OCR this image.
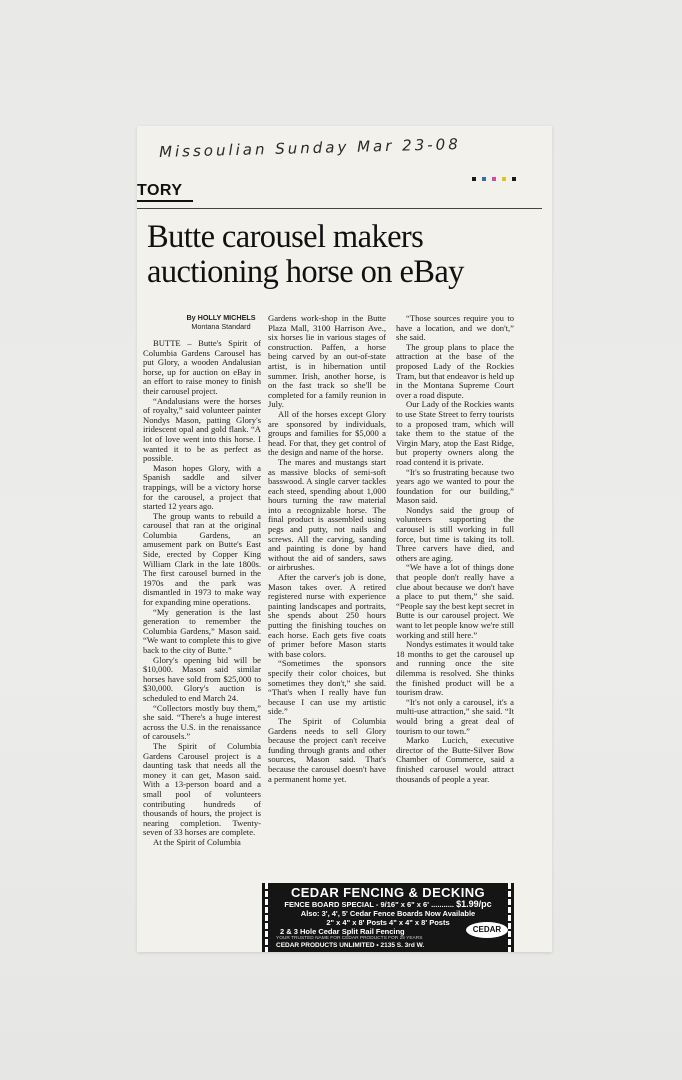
Missoulian Sunday Mar 23-08
TORY
Butte carousel makers
auctioning horse on eBay
By HOLLY MICHELS
Montana Standard

BUTTE – Butte's Spirit of Columbia Gardens Carousel has put Glory, a wooden Andalusian horse, up for auction on eBay in an effort to raise money to finish their carousel project.

“Andalusians were the horses of royalty,” said volunteer painter Nondys Mason, patting Glory's iridescent opal and gold flank. “A lot of love went into this horse. I wanted it to be as perfect as possible.

Mason hopes Glory, with a Spanish saddle and silver trappings, will be a victory horse for the carousel, a project that started 12 years ago.

The group wants to rebuild a carousel that ran at the original Columbia Gardens, an amusement park on Butte's East Side, erected by Copper King William Clark in the late 1800s. The first carousel burned in the 1970s and the park was dismantled in 1973 to make way for expanding mine operations.

“My generation is the last generation to remember the Columbia Gardens,” Mason said. “We want to complete this to give back to the city of Butte.”

Glory's opening bid will be $10,000. Mason said similar horses have sold from $25,000 to $30,000. Glory's auction is scheduled to end March 24.

“Collectors mostly buy them,” she said. “There's a huge interest across the U.S. in the renaissance of carousels.”

The Spirit of Columbia Gardens Carousel project is a daunting task that needs all the money it can get, Mason said. With a 13-person board and a small pool of volunteers contributing hundreds of thousands of hours, the project is nearing completion. Twenty-seven of 33 horses are complete.

At the Spirit of Columbia

Gardens work-shop in the Butte Plaza Mall, 3100 Harrison Ave., six horses lie in various stages of construction. Paffen, a horse being carved by an out-of-state artist, is in hibernation until summer. Irish, another horse, is on the fast track so she'll be completed for a family reunion in July.

All of the horses except Glory are sponsored by individuals, groups and families for $5,000 a head. For that, they get control of the design and name of the horse.

The mares and mustangs start as massive blocks of semi-soft basswood. A single carver tackles each steed, spending about 1,000 hours turning the raw material into a recognizable horse. The final product is assembled using pegs and putty, not nails and screws. All the carving, sanding and painting is done by hand without the aid of sanders, saws or airbrushes.

After the carver's job is done, Mason takes over. A retired registered nurse with experience painting landscapes and portraits, she spends about 250 hours putting the finishing touches on each horse. Each gets five coats of primer before Mason starts with base colors.

“Sometimes the sponsors specify their color choices, but sometimes they don't,” she said. “That's when I really have fun because I can use my artistic side.”

The Spirit of Columbia Gardens needs to sell Glory because the project can't receive funding through grants and other sources, Mason said. That's because the carousel doesn't have a permanent home yet.

“Those sources require you to have a location, and we don't,” she said.

The group plans to place the attraction at the base of the proposed Lady of the Rockies Tram, but that endeavor is held up in the Montana Supreme Court over a road dispute.

Our Lady of the Rockies wants to use State Street to ferry tourists to a proposed tram, which will take them to the statue of the Virgin Mary, atop the East Ridge, but property owners along the road contend it is private.

“It's so frustrating because two years ago we wanted to pour the foundation for our building,” Mason said.

Nondys said the group of volunteers supporting the carousel is still working in full force, but time is taking its toll. Three carvers have died, and others are aging.

“We have a lot of things done that people don't really have a clue about because we don't have a place to put them,” she said. “People say the best kept secret in Butte is our carousel project. We want to let people know we're still working and still here.”

Nondys estimates it would take 18 months to get the carousel up and running once the site dilemma is resolved. She thinks the finished product will be a tourism draw.

“It's not only a carousel, it's a multi-use attraction,” she said. “It would bring a great deal of tourism to our town.”

Marko Lucich, executive director of the Butte-Silver Bow Chamber of Commerce, said a finished carousel would attract thousands of people a year.

CEDAR FENCING & DECKING
FENCE BOARD SPECIAL - 9/16" x 6" x 6' ........... $1.99/pc
Also: 3', 4', 5' Cedar Fence Boards Now Available
2" x 4" x 8' Posts 4" x 4" x 8' Posts
2 & 3 Hole Cedar Split Rail Fencing
YOUR TRUSTED NAME FOR CEDAR PRODUCTS FOR 25 YEARS
CEDAR PRODUCTS UNLIMITED • 2135 S. 3rd W.
CEDAR
